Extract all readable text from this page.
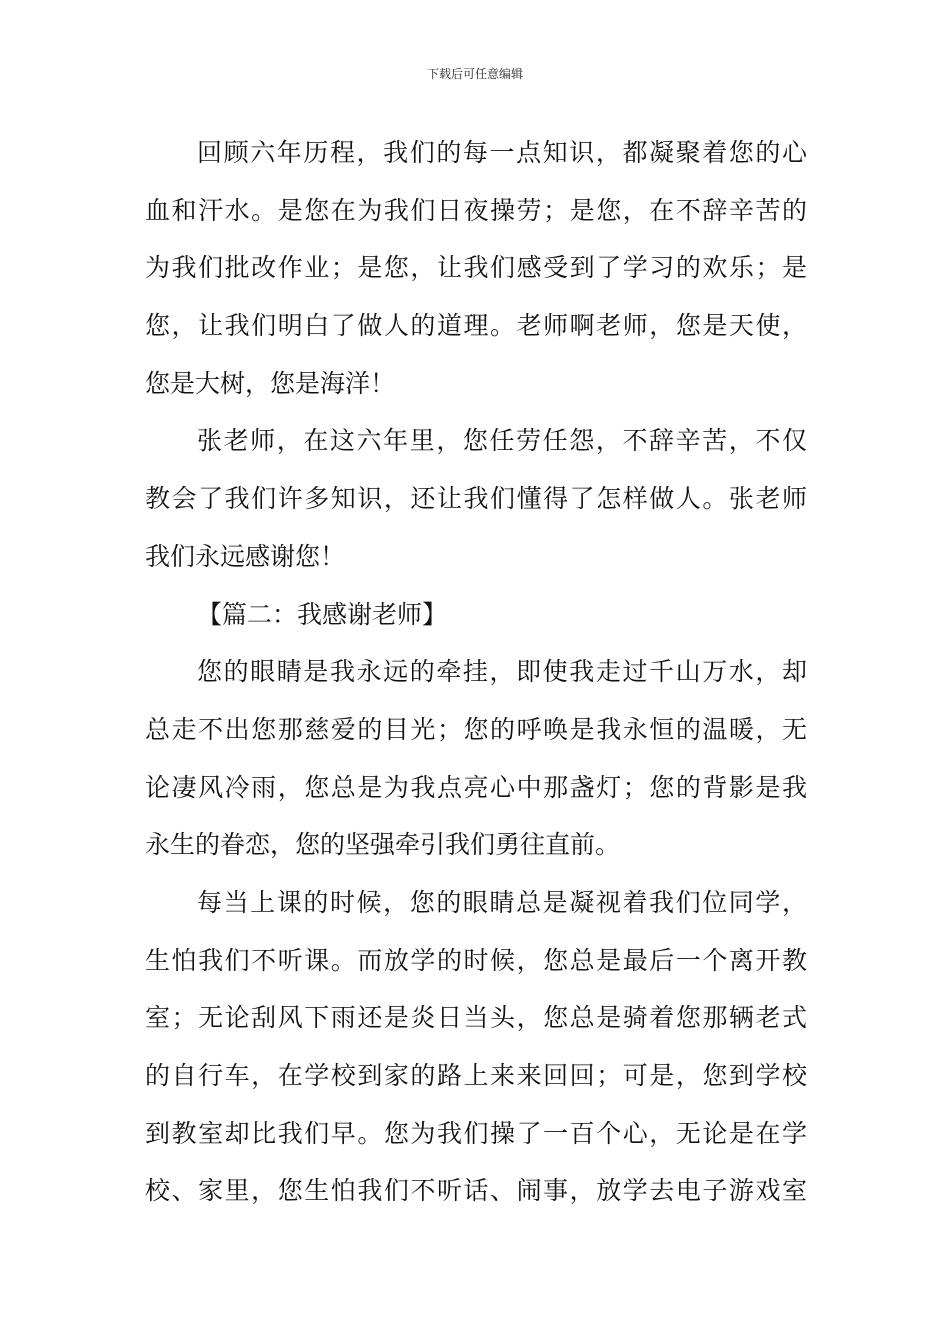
下载后可任意编辑
回顾六年历程，我们的每一点知识，都凝聚着您的心
血和汗水。是您在为我们日夜操劳；是您，在不辞辛苦的
为我们批改作业；是您，让我们感受到了学习的欢乐；是
您，让我们明白了做人的道理。老师啊老师，您是天使，
您是大树，您是海洋！
张老师，在这六年里，您任劳任怨，不辞辛苦，不仅
教会了我们许多知识，还让我们懂得了怎样做人。张老师
我们永远感谢您！
【篇二：我感谢老师】
您的眼睛是我永远的牵挂，即使我走过千山万水，却
总走不出您那慈爱的目光；您的呼唤是我永恒的温暖，无
论凄风冷雨，您总是为我点亮心中那盏灯；您的背影是我
永生的眷恋，您的坚强牵引我们勇往直前。
每当上课的时候，您的眼睛总是凝视着我们位同学，
生怕我们不听课。而放学的时候，您总是最后一个离开教
室；无论刮风下雨还是炎日当头，您总是骑着您那辆老式
的自行车，在学校到家的路上来来回回；可是，您到学校
到教室却比我们早。您为我们操了一百个心，无论是在学
校、家里，您生怕我们不听话、闹事，放学去电子游戏室
